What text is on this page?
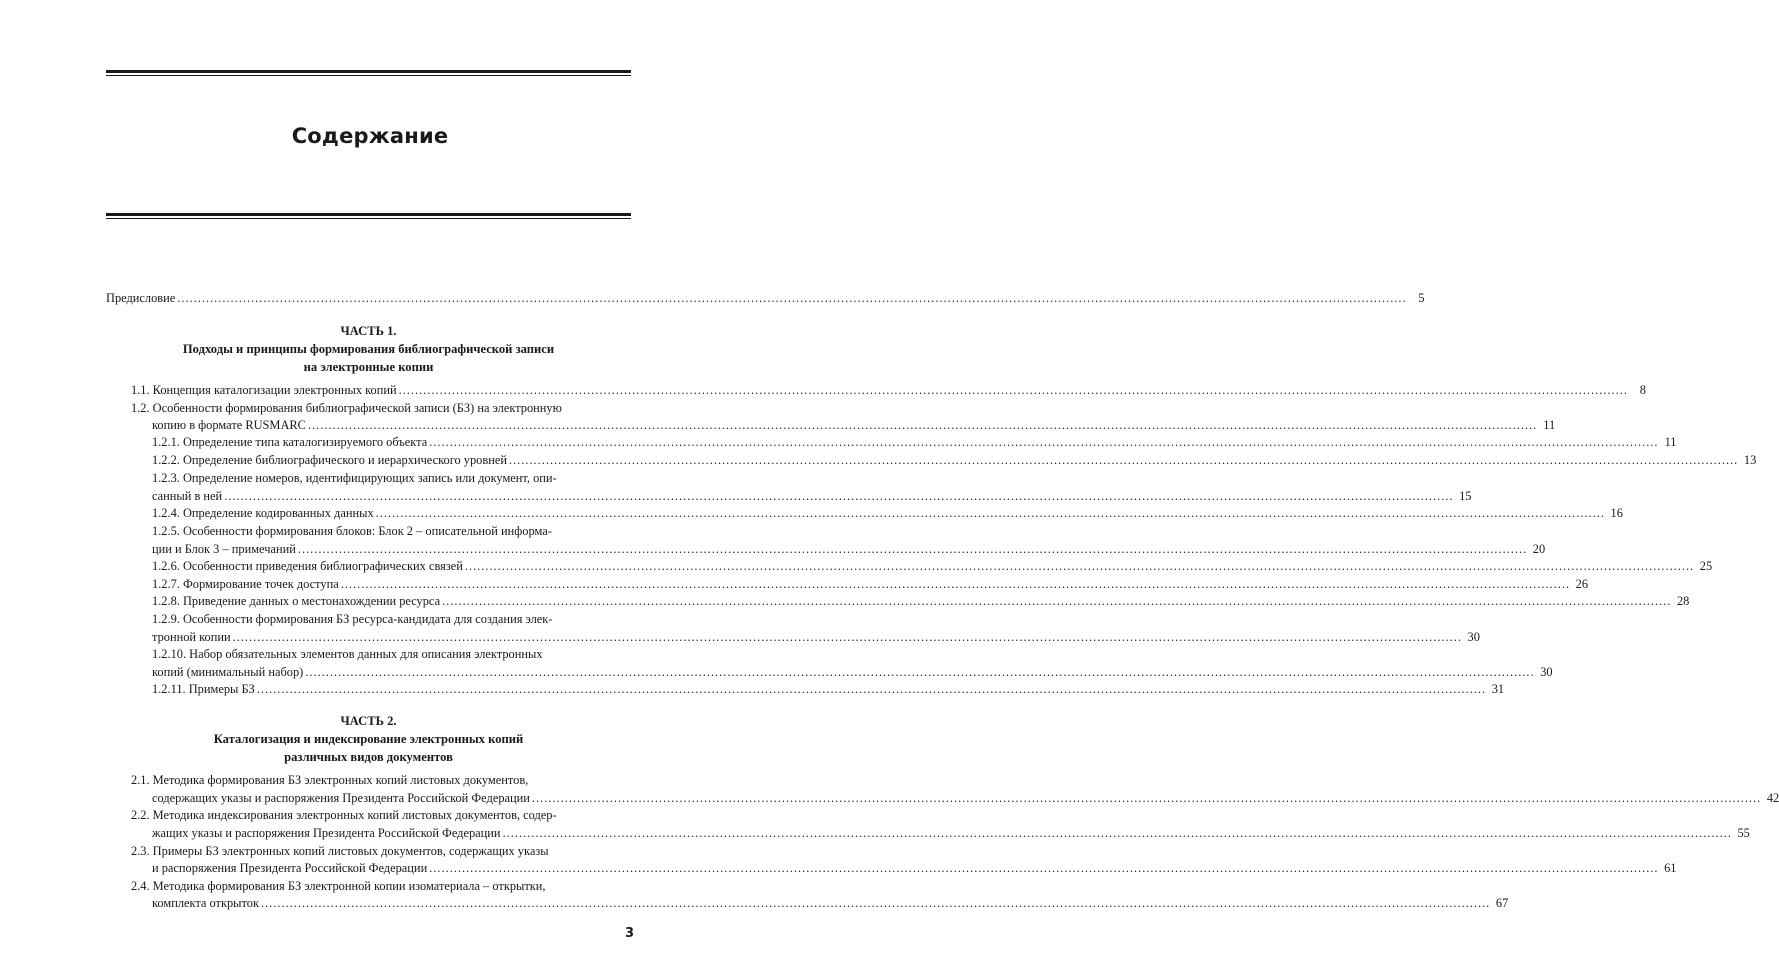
Содержание
Предисловие ............................................................................................................................................................................................................................................................................................................ 5
ЧАСТЬ 1.
Подходы и принципы формирования библиографической записи
на электронные копии
1.1. Концепция каталогизации электронных копий ............................................................................................................................................................................................................................................................................................................ 8
1.2. Особенности формирования библиографической записи (БЗ) на электронную
копию в формате RUSMARC ............................................................................................................................................................................................................................................................................................................ 11
1.2.1. Определение типа каталогизируемого объекта ............................................................................................................................................................................................................................................................................................................ 11
1.2.2. Определение библиографического и иерархического уровней ............................................................................................................................................................................................................................................................................................................ 13
1.2.3. Определение номеров, идентифицирующих запись или документ, опи-
санный в ней ............................................................................................................................................................................................................................................................................................................ 15
1.2.4. Определение кодированных данных ............................................................................................................................................................................................................................................................................................................ 16
1.2.5. Особенности формирования блоков: Блок 2 – описательной информа-
ции и Блок 3 – примечаний ............................................................................................................................................................................................................................................................................................................ 20
1.2.6. Особенности приведения библиографических связей ............................................................................................................................................................................................................................................................................................................ 25
1.2.7. Формирование точек доступа ............................................................................................................................................................................................................................................................................................................ 26
1.2.8. Приведение данных о местонахождении ресурса ............................................................................................................................................................................................................................................................................................................ 28
1.2.9. Особенности формирования БЗ ресурса-кандидата для создания элек-
тронной копии ............................................................................................................................................................................................................................................................................................................ 30
1.2.10. Набор обязательных элементов данных для описания электронных
копий (минимальный набор) ............................................................................................................................................................................................................................................................................................................ 30
1.2.11. Примеры БЗ ............................................................................................................................................................................................................................................................................................................ 31
ЧАСТЬ 2.
Каталогизация и индексирование электронных копий
различных видов документов
2.1. Методика формирования БЗ электронных копий листовых документов,
содержащих указы и распоряжения Президента Российской Федерации ............................................................................................................................................................................................................................................................................................................ 42
2.2. Методика индексирования электронных копий листовых документов, содер-
жащих указы и распоряжения Президента Российской Федерации ............................................................................................................................................................................................................................................................................................................ 55
2.3. Примеры БЗ электронных копий листовых документов, содержащих указы
и распоряжения Президента Российской Федерации ............................................................................................................................................................................................................................................................................................................ 61
2.4. Методика формирования БЗ электронной копии изоматериала – открытки,
комплекта открыток ............................................................................................................................................................................................................................................................................................................ 67
3
